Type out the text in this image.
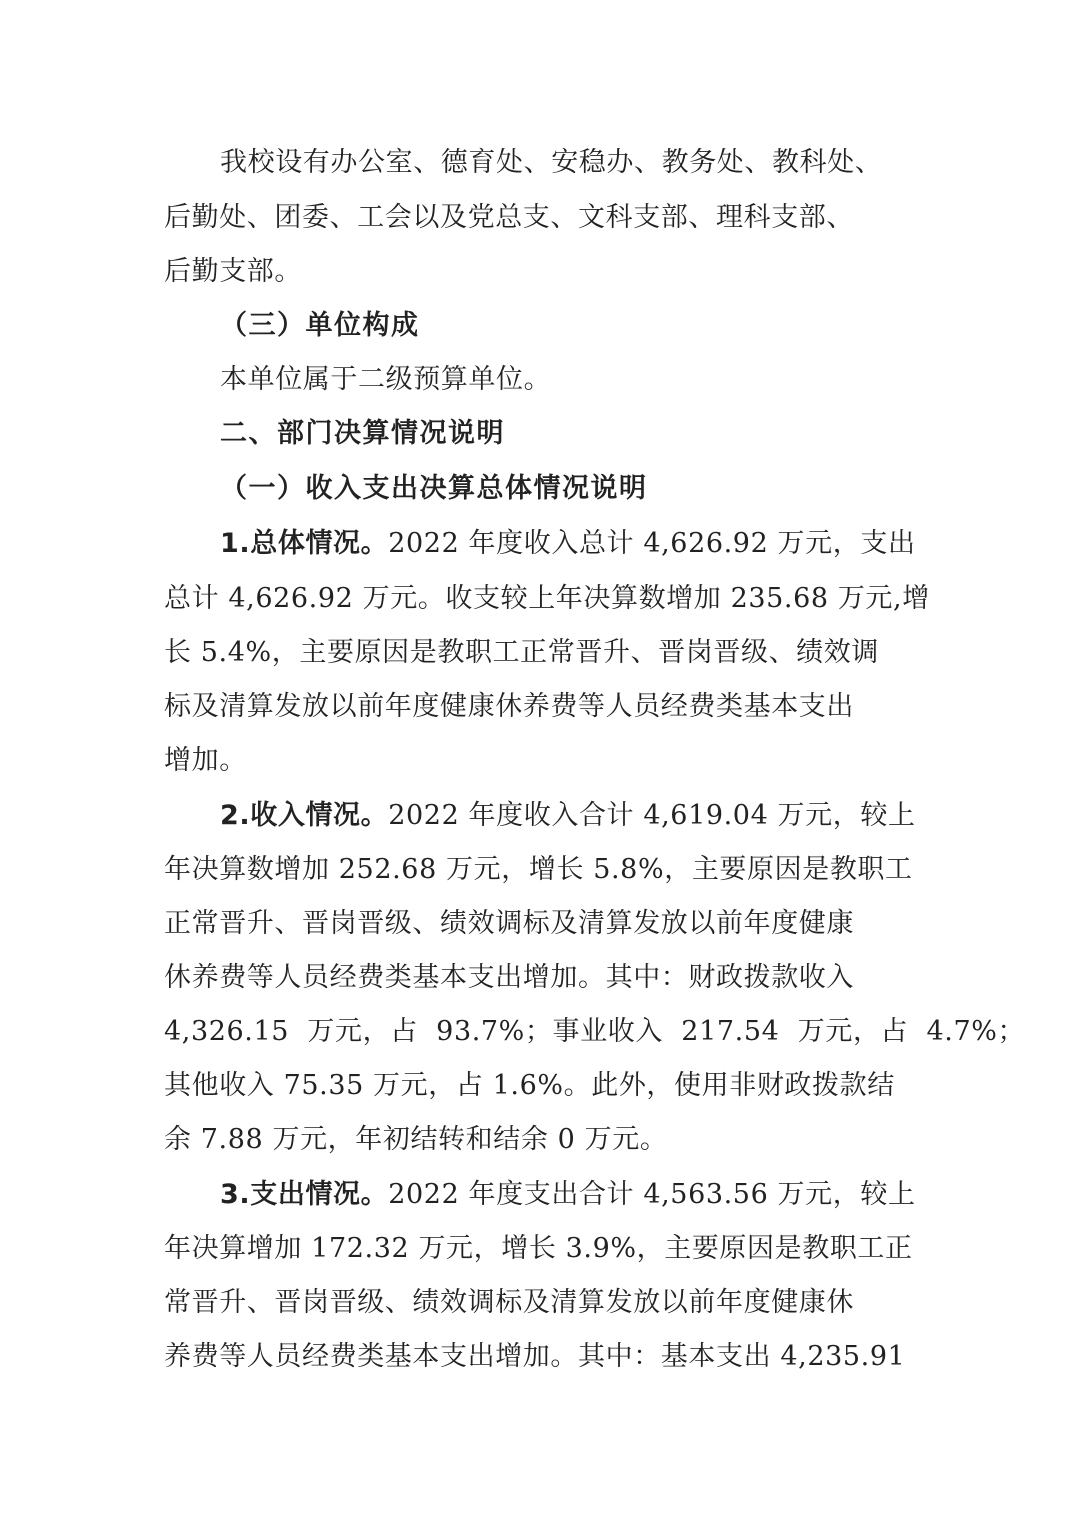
我校设有办公室、德育处、安稳办、教务处、教科处、

后勤处、团委、工会以及党总支、文科支部、理科支部、

后勤支部。

（三）单位构成

本单位属于二级预算单位。

二、部门决算情况说明

（一）收入支出决算总体情况说明

1.总体情况。2022 年度收入总计 4,626.92 万元，支出

总计 4,626.92 万元。收支较上年决算数增加 235.68 万元,增

长 5.4%，主要原因是教职工正常晋升、晋岗晋级、绩效调

标及清算发放以前年度健康休养费等人员经费类基本支出

增加。

2.收入情况。2022 年度收入合计 4,619.04 万元，较上

年决算数增加 252.68 万元，增长 5.8%，主要原因是教职工

正常晋升、晋岗晋级、绩效调标及清算发放以前年度健康

休养费等人员经费类基本支出增加。其中：财政拨款收入

4,326.15  万元，占  93.7%；事业收入  217.54  万元，占  4.7%；

其他收入 75.35 万元，占 1.6%。此外，使用非财政拨款结

余 7.88 万元，年初结转和结余 0 万元。

3.支出情况。2022 年度支出合计 4,563.56 万元，较上

年决算增加 172.32 万元，增长 3.9%，主要原因是教职工正

常晋升、晋岗晋级、绩效调标及清算发放以前年度健康休

养费等人员经费类基本支出增加。其中：基本支出 4,235.91
